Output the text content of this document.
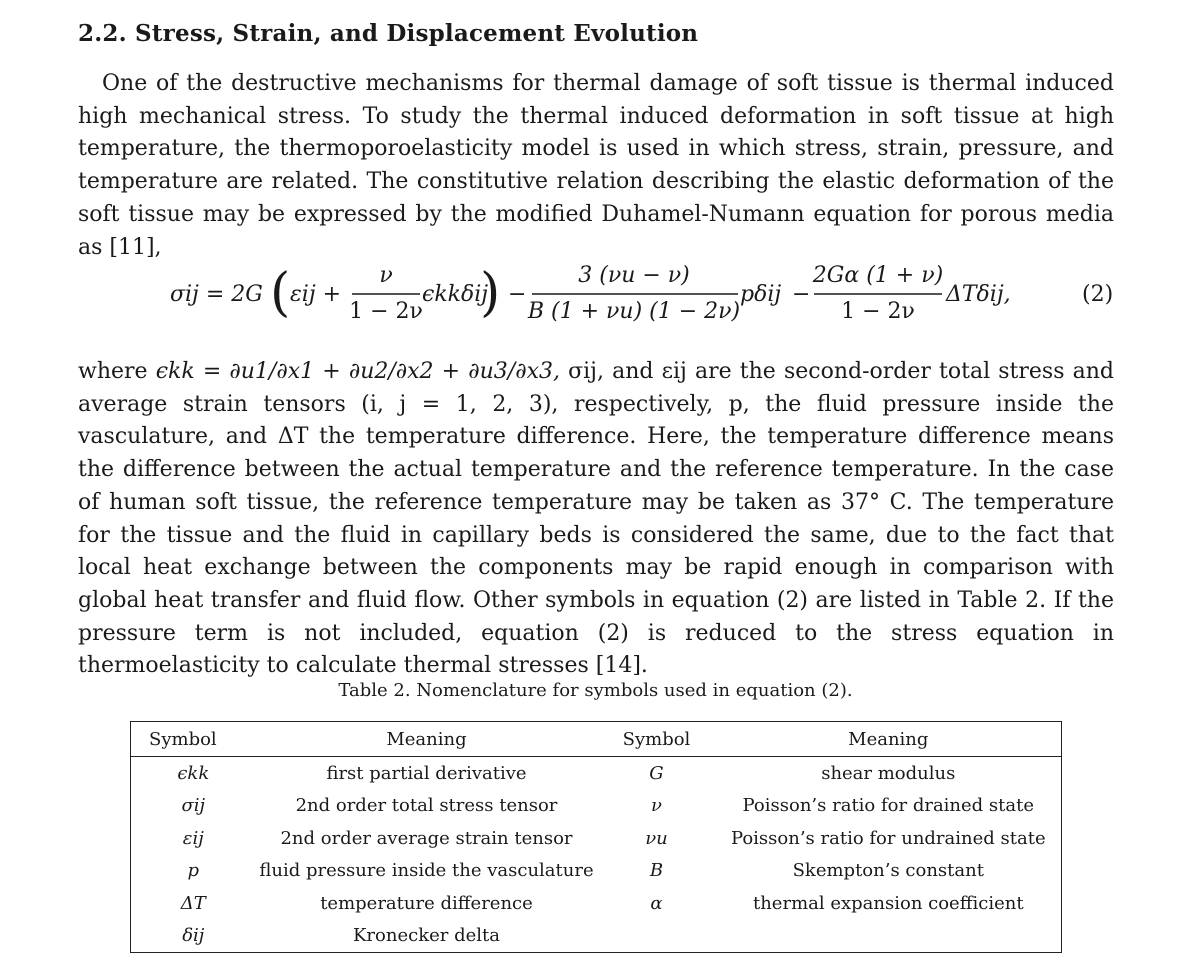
2.2. Stress, Strain, and Displacement Evolution
One of the destructive mechanisms for thermal damage of soft tissue is thermal induced high mechanical stress. To study the thermal induced deformation in soft tissue at high temperature, the thermoporoelasticity model is used in which stress, strain, pressure, and temperature are related. The constitutive relation describing the elastic deformation of the soft tissue may be expressed by the modified Duhamel-Numann equation for porous media as [11],
σij = 2G ( εij +
ν
1 − 2ν
ϵkkδij
) −
3 (νu − ν)
B (1 + νu) (1 − 2ν)
pδij −
2Gα (1 + ν)
1 − 2ν
ΔTδij,	(2)
where ϵkk = ∂u1/∂x1 + ∂u2/∂x2 + ∂u3/∂x3, σij, and εij are the second-order total stress and average strain tensors (i, j = 1, 2, 3), respectively, p, the fluid pressure inside the vasculature, and ΔT the temperature difference. Here, the temperature difference means the difference between the actual temperature and the reference temperature. In the case of human soft tissue, the reference temperature may be taken as 37° C. The temperature for the tissue and the fluid in capillary beds is considered the same, due to the fact that local heat exchange between the components may be rapid enough in comparison with global heat transfer and fluid flow. Other symbols in equation (2) are listed in Table 2. If the pressure term is not included, equation (2) is reduced to the stress equation in thermoelasticity to calculate thermal stresses [14].
Table 2. Nomenclature for symbols used in equation (2).
Symbol	Meaning	Symbol	Meaning
ϵkk	first partial derivative	G	shear modulus
σij	2nd order total stress tensor	ν	Poisson’s ratio for drained state
εij	2nd order average strain tensor	νu	Poisson’s ratio for undrained state
p	fluid pressure inside the vasculature	B	Skempton’s constant
ΔT	temperature difference	α	thermal expansion coefficient
δij	Kronecker delta		
